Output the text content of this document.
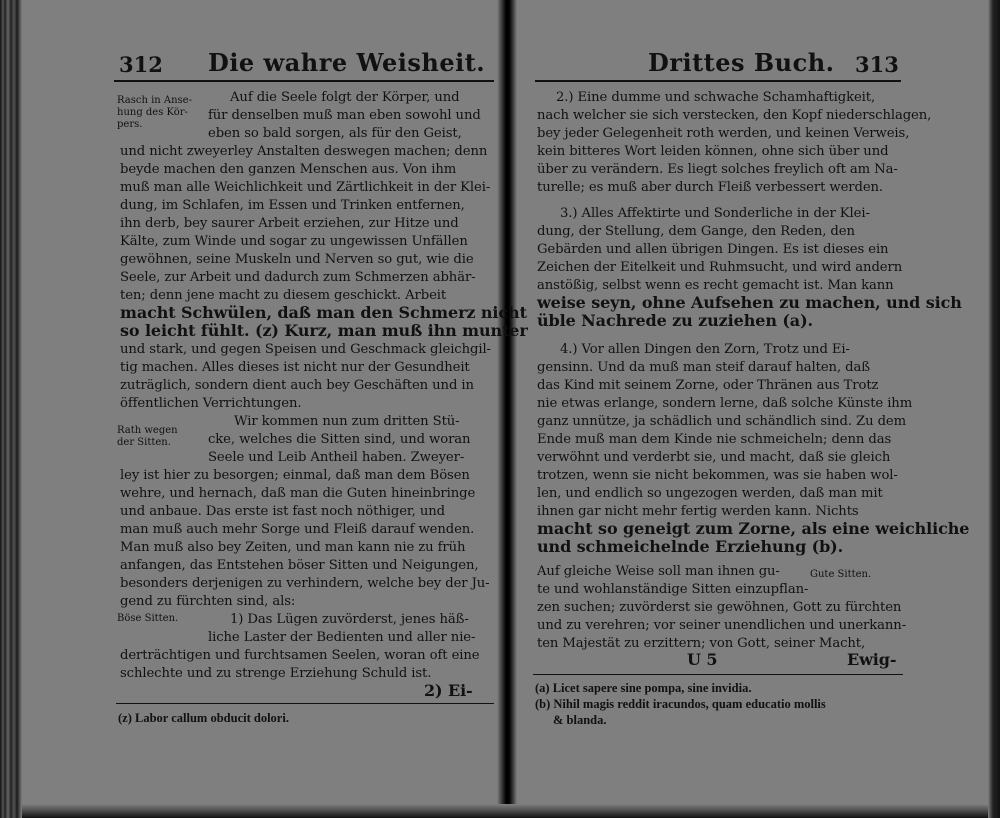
312 Die wahre Weisheit.
Rasch in Anse-
hung des Kör-
pers.
Rath wegen
der Sitten.
Böse Sitten.
Auf die Seele folgt der Körper, und
für denselben muß man eben sowohl und
eben so bald sorgen, als für den Geist,
und nicht zweyerley Anstalten deswegen machen; denn
beyde machen den ganzen Menschen aus. Von ihm
muß man alle Weichlichkeit und Zärtlichkeit in der Klei-
dung, im Schlafen, im Essen und Trinken entfernen,
ihn derb, bey saurer Arbeit erziehen, zur Hitze und
Kälte, zum Winde und sogar zu ungewissen Unfällen
gewöhnen, seine Muskeln und Nerven so gut, wie die
Seele, zur Arbeit und dadurch zum Schmerzen abhär-
ten; denn jene macht zu diesem geschickt. Arbeit
macht Schwülen, daß man den Schmerz nicht
so leicht fühlt. (z) Kurz, man muß ihn munter
und stark, und gegen Speisen und Geschmack gleichgil-
tig machen. Alles dieses ist nicht nur der Gesundheit
zuträglich, sondern dient auch bey Geschäften und in
öffentlichen Verrichtungen.
Wir kommen nun zum dritten Stü-
cke, welches die Sitten sind, und woran
Seele und Leib Antheil haben. Zweyer-
ley ist hier zu besorgen; einmal, daß man dem Bösen
wehre, und hernach, daß man die Guten hineinbringe
und anbaue. Das erste ist fast noch nöthiger, und
man muß auch mehr Sorge und Fleiß darauf wenden.
Man muß also bey Zeiten, und man kann nie zu früh
anfangen, das Entstehen böser Sitten und Neigungen,
besonders derjenigen zu verhindern, welche bey der Ju-
gend zu fürchten sind, als:
1) Das Lügen zuvörderst, jenes häß-
liche Laster der Bedienten und aller nie-
derträchtigen und furchtsamen Seelen, woran oft eine
schlechte und zu strenge Erziehung Schuld ist.
2) Ei-
(z) Labor callum obducit dolori.
Drittes Buch. 313
Gute Sitten.
2.) Eine dumme und schwache Schamhaftigkeit,
nach welcher sie sich verstecken, den Kopf niederschlagen,
bey jeder Gelegenheit roth werden, und keinen Verweis,
kein bitteres Wort leiden können, ohne sich über und
über zu verändern. Es liegt solches freylich oft am Na-
turelle; es muß aber durch Fleiß verbessert werden.
3.) Alles Affektirte und Sonderliche in der Klei-
dung, der Stellung, dem Gange, den Reden, den
Gebärden und allen übrigen Dingen. Es ist dieses ein
Zeichen der Eitelkeit und Ruhmsucht, und wird andern
anstößig, selbst wenn es recht gemacht ist. Man kann
weise seyn, ohne Aufsehen zu machen, und sich
üble Nachrede zu zuziehen (a).
4.) Vor allen Dingen den Zorn, Trotz und Ei-
gensinn. Und da muß man steif darauf halten, daß
das Kind mit seinem Zorne, oder Thränen aus Trotz
nie etwas erlange, sondern lerne, daß solche Künste ihm
ganz unnütze, ja schädlich und schändlich sind. Zu dem
Ende muß man dem Kinde nie schmeicheln; denn das
verwöhnt und verderbt sie, und macht, daß sie gleich
trotzen, wenn sie nicht bekommen, was sie haben wol-
len, und endlich so ungezogen werden, daß man mit
ihnen gar nicht mehr fertig werden kann. Nichts
macht so geneigt zum Zorne, als eine weichliche
und schmeichelnde Erziehung (b).
Auf gleiche Weise soll man ihnen gu-
te und wohlanständige Sitten einzupflan-
zen suchen; zuvörderst sie gewöhnen, Gott zu fürchten
und zu verehren; vor seiner unendlichen und unerkann-
ten Majestät zu erzittern; von Gott, seiner Macht,
U 5	Ewig-
(a) Licet sapere sine pompa, sine invidia.
(b) Nihil magis reddit iracundos, quam educatio mollis
& blanda.
